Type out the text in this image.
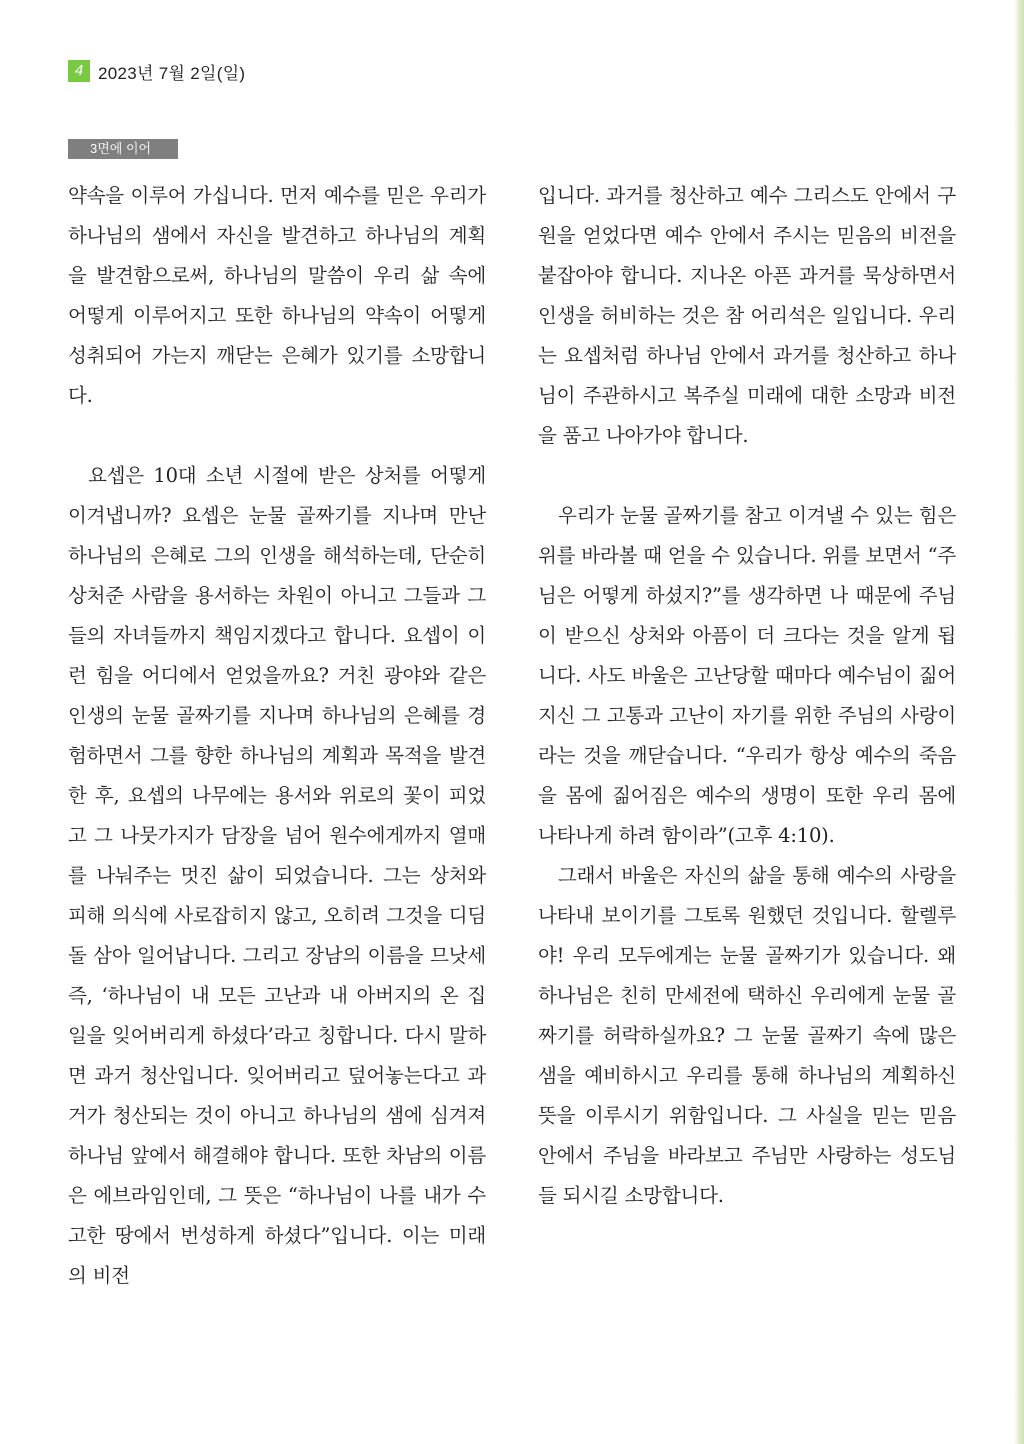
4 2023년 7월 2일(일)
3면에 이어

약속을 이루어 가십니다. 먼저 예수를 믿은 우리가 하나님의 샘에서 자신을 발견하고 하나님의 계획을 발견함으로써, 하나님의 말씀이 우리 삶 속에 어떻게 이루어지고 또한 하나님의 약속이 어떻게 성취되어 가는지 깨닫는 은혜가 있기를 소망합니다.

요셉은 10대 소년 시절에 받은 상처를 어떻게 이겨냅니까? 요셉은 눈물 골짜기를 지나며 만난 하나님의 은혜로 그의 인생을 해석하는데, 단순히 상처준 사람을 용서하는 차원이 아니고 그들과 그들의 자녀들까지 책임지겠다고 합니다. 요셉이 이런 힘을 어디에서 얻었을까요? 거친 광야와 같은 인생의 눈물 골짜기를 지나며 하나님의 은혜를 경험하면서 그를 향한 하나님의 계획과 목적을 발견한 후, 요셉의 나무에는 용서와 위로의 꽃이 피었고 그 나뭇가지가 담장을 넘어 원수에게까지 열매를 나눠주는 멋진 삶이 되었습니다. 그는 상처와 피해 의식에 사로잡히지 않고, 오히려 그것을 디딤돌 삼아 일어납니다. 그리고 장남의 이름을 므낫세 즉, ‘하나님이 내 모든 고난과 내 아버지의 온 집 일을 잊어버리게 하셨다’라고 칭합니다. 다시 말하면 과거 청산입니다. 잊어버리고 덮어놓는다고 과거가 청산되는 것이 아니고 하나님의 샘에 심겨져 하나님 앞에서 해결해야 합니다. 또한 차남의 이름은 에브라임인데, 그 뜻은 “하나님이 나를 내가 수고한 땅에서 번성하게 하셨다”입니다. 이는 미래의 비전

입니다. 과거를 청산하고 예수 그리스도 안에서 구원을 얻었다면 예수 안에서 주시는 믿음의 비전을 붙잡아야 합니다. 지나온 아픈 과거를 묵상하면서 인생을 허비하는 것은 참 어리석은 일입니다. 우리는 요셉처럼 하나님 안에서 과거를 청산하고 하나님이 주관하시고 복주실 미래에 대한 소망과 비전을 품고 나아가야 합니다.

우리가 눈물 골짜기를 참고 이겨낼 수 있는 힘은 위를 바라볼 때 얻을 수 있습니다. 위를 보면서 “주님은 어떻게 하셨지?”를 생각하면 나 때문에 주님이 받으신 상처와 아픔이 더 크다는 것을 알게 됩니다. 사도 바울은 고난당할 때마다 예수님이 짊어지신 그 고통과 고난이 자기를 위한 주님의 사랑이라는 것을 깨닫습니다. “우리가 항상 예수의 죽음을 몸에 짊어짐은 예수의 생명이 또한 우리 몸에 나타나게 하려 함이라”(고후 4:10).

그래서 바울은 자신의 삶을 통해 예수의 사랑을 나타내 보이기를 그토록 원했던 것입니다. 할렐루야! 우리 모두에게는 눈물 골짜기가 있습니다. 왜 하나님은 친히 만세전에 택하신 우리에게 눈물 골짜기를 허락하실까요? 그 눈물 골짜기 속에 많은 샘을 예비하시고 우리를 통해 하나님의 계획하신 뜻을 이루시기 위함입니다. 그 사실을 믿는 믿음 안에서 주님을 바라보고 주님만 사랑하는 성도님들 되시길 소망합니다.
